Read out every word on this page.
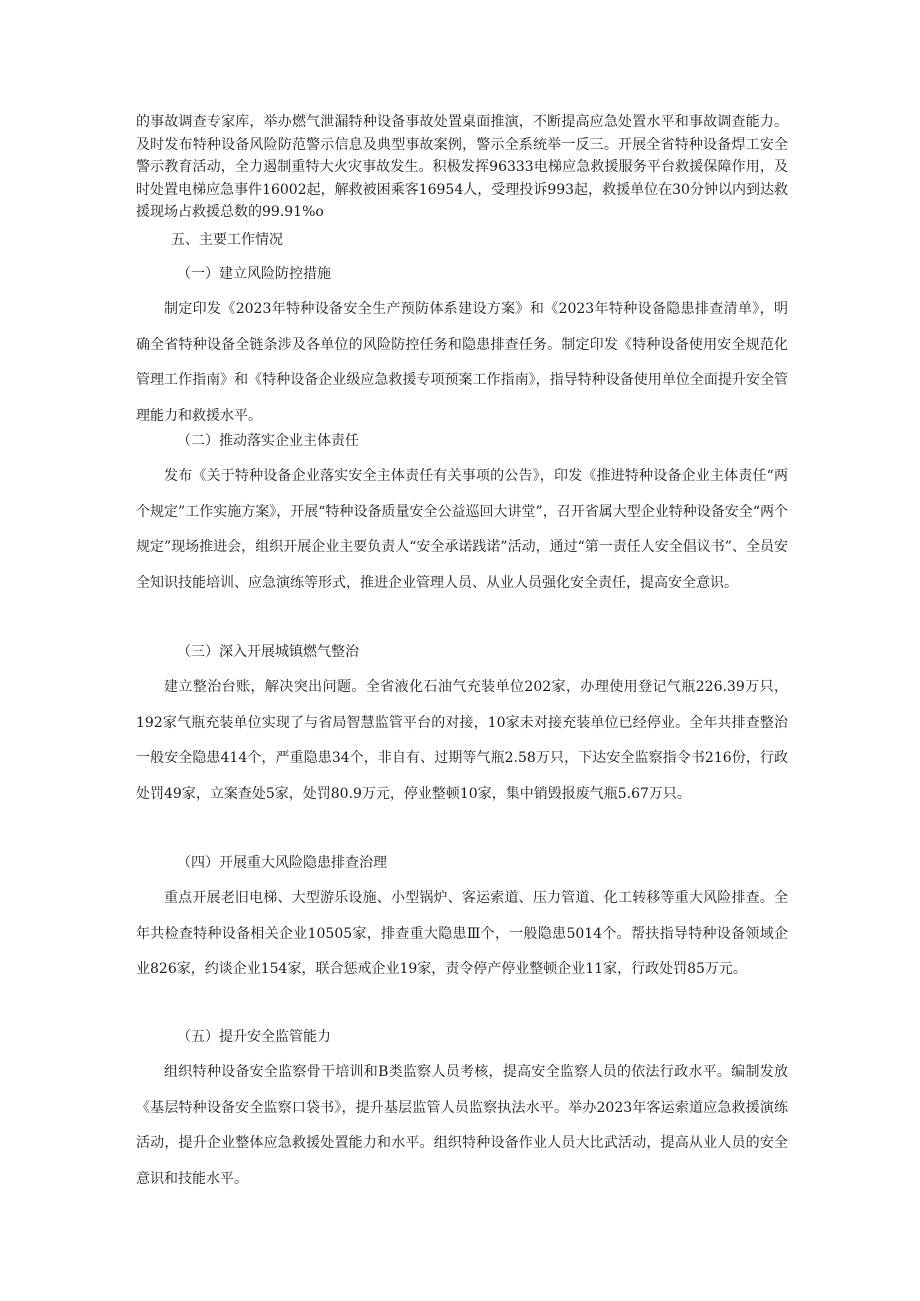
的事故调查专家库，举办燃气泄漏特种设备事故处置桌面推演，不断提高应急处置水平和事故调查能力。及时发布特种设备风险防范警示信息及典型事故案例，警示全系统举一反三。开展全省特种设备焊工安全警示教育活动，全力遏制重特大火灾事故发生。积极发挥96333电梯应急救援服务平台救援保障作用，及时处置电梯应急事件16002起，解救被困乘客16954人，受理投诉993起，救援单位在30分钟以内到达救援现场占救援总数的99.91%o

五、主要工作情况
（一）建立风险防控措施

制定印发《2023年特种设备安全生产预防体系建设方案》和《2023年特种设备隐患排查清单》，明确全省特种设备全链条涉及各单位的风险防控任务和隐患排查任务。制定印发《特种设备使用安全规范化管理工作指南》和《特种设备企业级应急救援专项预案工作指南》，指导特种设备使用单位全面提升安全管理能力和救援水平。

（二）推动落实企业主体责任

发布《关于特种设备企业落实安全主体责任有关事项的公告》，印发《推进特种设备企业主体责任“两个规定”工作实施方案》，开展“特种设备质量安全公益巡回大讲堂”，召开省属大型企业特种设备安全“两个规定”现场推进会，组织开展企业主要负责人“安全承诺践诺”活动，通过“第一责任人安全倡议书”、全员安全知识技能培训、应急演练等形式，推进企业管理人员、从业人员强化安全责任，提高安全意识。

（三）深入开展城镇燃气整治

建立整治台账，解决突出问题。全省液化石油气充装单位202家，办理使用登记气瓶226.39万只，192家气瓶充装单位实现了与省局智慧监管平台的对接，10家未对接充装单位已经停业。全年共排查整治一般安全隐患414个，严重隐患34个，非自有、过期等气瓶2.58万只，下达安全监察指令书216份，行政处罚49家，立案查处5家，处罚80.9万元，停业整顿10家，集中销毁报废气瓶5.67万只。

（四）开展重大风险隐患排查治理

重点开展老旧电梯、大型游乐设施、小型锅炉、客运索道、压力管道、化工转移等重大风险排查。全年共检查特种设备相关企业10505家，排查重大隐患Ⅲ个，一般隐患5014个。帮扶指导特种设备领域企业826家，约谈企业154家，联合惩戒企业19家，责令停产停业整顿企业11家，行政处罚85万元。

（五）提升安全监管能力

组织特种设备安全监察骨干培训和B类监察人员考核，提高安全监察人员的依法行政水平。编制发放《基层特种设备安全监察口袋书》，提升基层监管人员监察执法水平。举办2023年客运索道应急救援演练活动，提升企业整体应急救援处置能力和水平。组织特种设备作业人员大比武活动，提高从业人员的安全意识和技能水平。
